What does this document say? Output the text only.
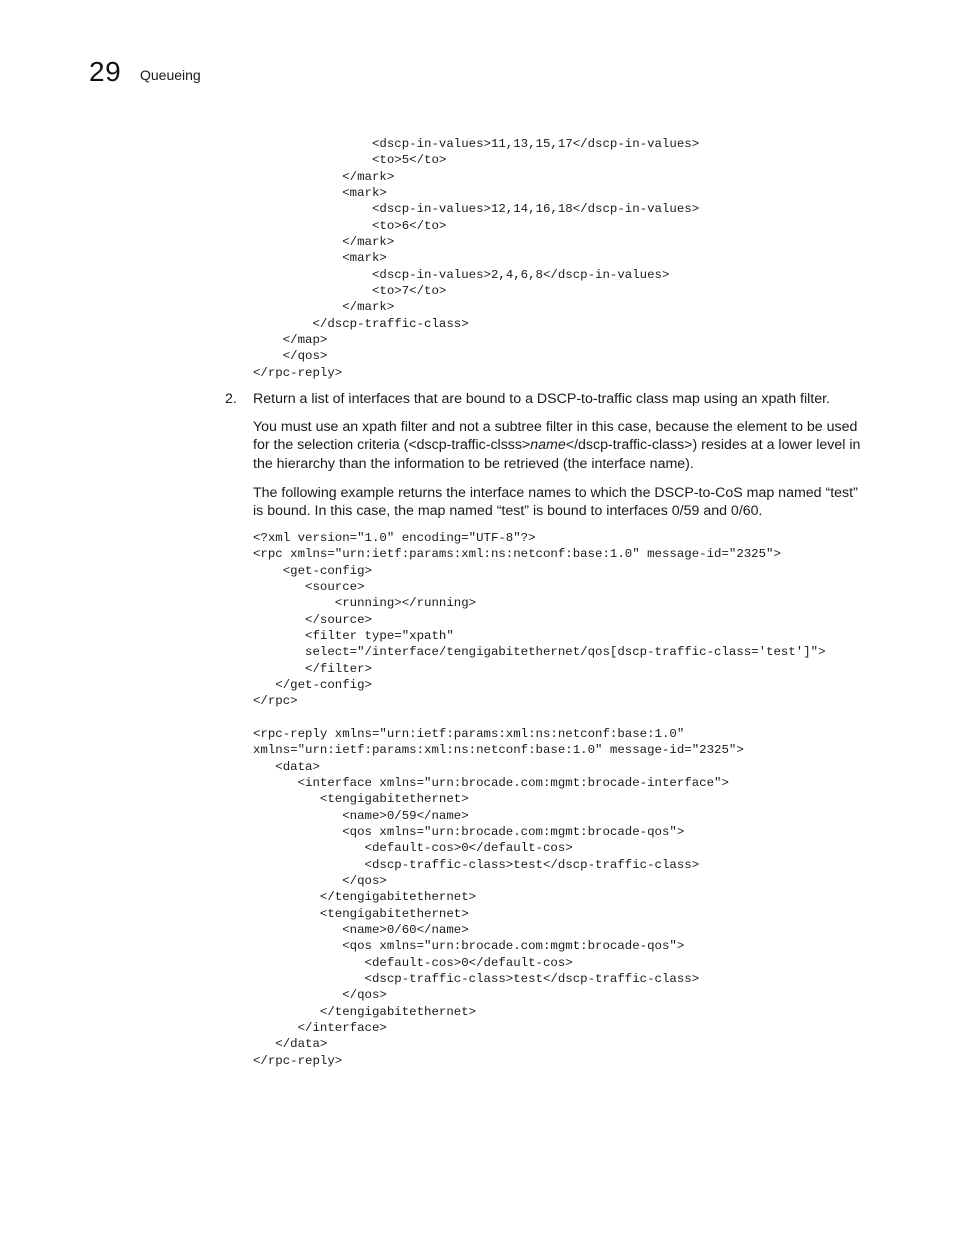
29 Queueing
<dscp-in-values>11,13,15,17</dscp-in-values>
<to>5</to>
</mark>
<mark>
<dscp-in-values>12,14,16,18</dscp-in-values>
<to>6</to>
</mark>
<mark>
<dscp-in-values>2,4,6,8</dscp-in-values>
<to>7</to>
</mark>
</dscp-traffic-class>
</map>
</qos>
</rpc-reply>
2. Return a list of interfaces that are bound to a DSCP-to-traffic class map using an xpath filter.

You must use an xpath filter and not a subtree filter in this case, because the element to be used for the selection criteria (<dscp-traffic-clsss>name</dscp-traffic-class>) resides at a lower level in the hierarchy than the information to be retrieved (the interface name).

The following example returns the interface names to which the DSCP-to-CoS map named “test” is bound. In this case, the map named “test” is bound to interfaces 0/59 and 0/60.

<?xml version="1.0" encoding="UTF-8"?>
<rpc xmlns="urn:ietf:params:xml:ns:netconf:base:1.0" message-id="2325">
<get-config>
<source>
<running></running>
</source>
<filter type="xpath"
select="/interface/tengigabitethernet/qos[dscp-traffic-class='test']">
</filter>
</get-config>
</rpc>
<rpc-reply xmlns="urn:ietf:params:xml:ns:netconf:base:1.0"
xmlns="urn:ietf:params:xml:ns:netconf:base:1.0" message-id="2325">
<data>
<interface xmlns="urn:brocade.com:mgmt:brocade-interface">
<tengigabitethernet>
<name>0/59</name>
<qos xmlns="urn:brocade.com:mgmt:brocade-qos">
<default-cos>0</default-cos>
<dscp-traffic-class>test</dscp-traffic-class>
</qos>
</tengigabitethernet>
<tengigabitethernet>
<name>0/60</name>
<qos xmlns="urn:brocade.com:mgmt:brocade-qos">
<default-cos>0</default-cos>
<dscp-traffic-class>test</dscp-traffic-class>
</qos>
</tengigabitethernet>
</interface>
</data>
</rpc-reply>
